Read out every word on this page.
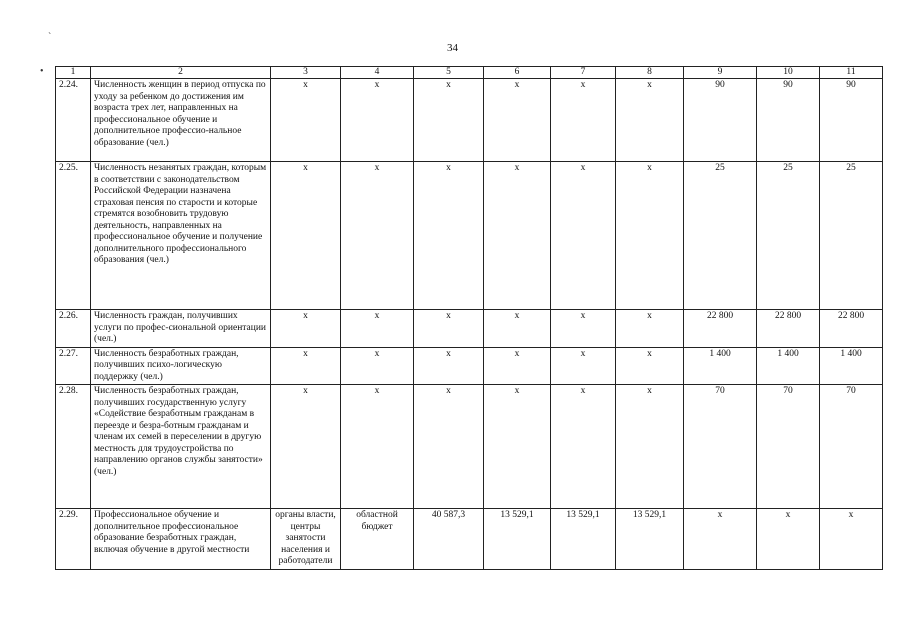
34
`
•	1	2	3	4	5	6	7	8	9	10	11
2.24.	Численность женщин в период отпуска по уходу за ребенком до достижения им возраста трех лет, направленных на профессиональное обучение и дополнительное профессио-нальное образование (чел.)	х	х	х	х	х	х	90	90	90
2.25.	Численность незанятых граждан, которым в соответствии с законодательством Российской Федерации назначена страховая пенсия по старости и которые стремятся возобновить трудовую деятельность, направленных на профессиональное обучение и получение дополнительного профессионального образования (чел.)	х	х	х	х	х	х	25	25	25
2.26.	Численность граждан, получивших услуги по профес-сиональной ориентации (чел.)	х	х	х	х	х	х	22 800	22 800	22 800
2.27.	Численность безработных граждан, получивших психо-логическую поддержку (чел.)	х	х	х	х	х	х	1 400	1 400	1 400
2.28.	Численность безработных граждан, получивших государственную услугу «Содействие безработным гражданам в переезде и безра-ботным гражданам и членам их семей в переселении в другую местность для трудоустройства по направлению органов службы занятости» (чел.)	х	х	х	х	х	х	70	70	70
2.29.	Профессиональное обучение и дополнительное профессиональное образование безработных граждан, включая обучение в другой местности	органы власти, центры занятости населения и работодатели	областной бюджет	40 587,3	13 529,1	13 529,1	13 529,1	х	х	х
